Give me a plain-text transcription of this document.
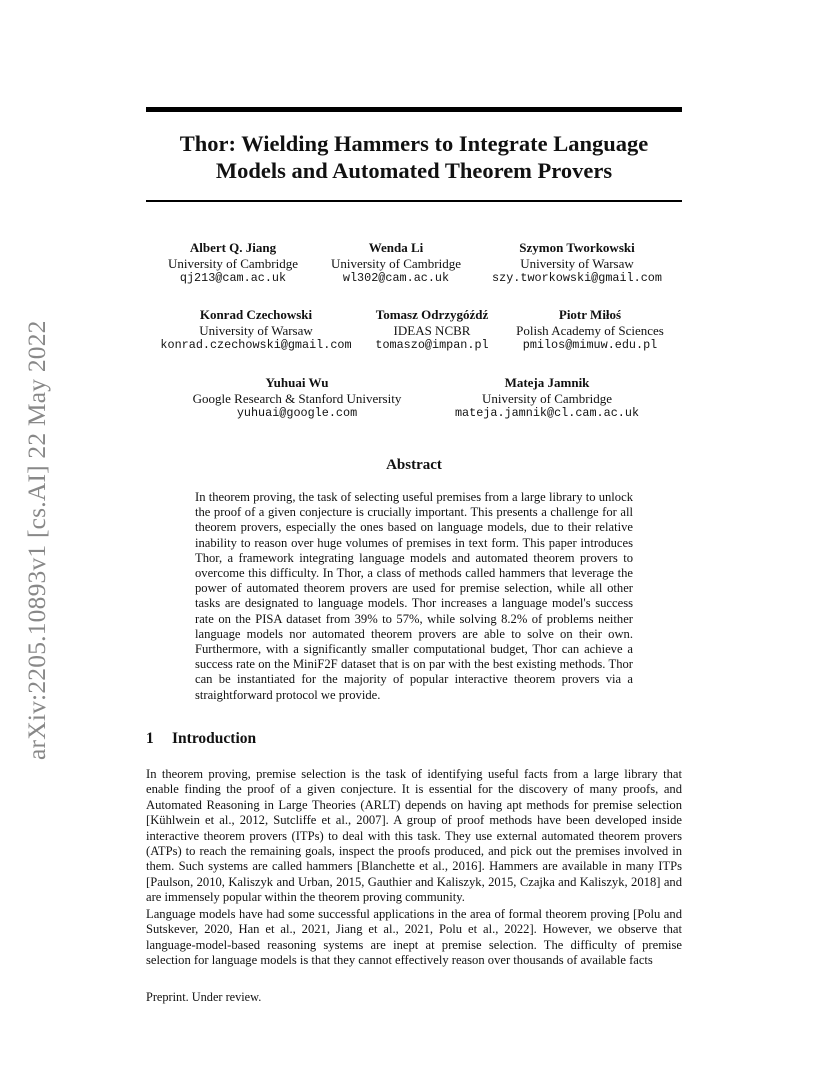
arXiv:2205.10893v1 [cs.AI] 22 May 2022
Thor: Wielding Hammers to Integrate Language Models and Automated Theorem Provers
Albert Q. Jiang
University of Cambridge
qj213@cam.ac.uk
Wenda Li
University of Cambridge
wl302@cam.ac.uk
Szymon Tworkowski
University of Warsaw
szy.tworkowski@gmail.com
Konrad Czechowski
University of Warsaw
konrad.czechowski@gmail.com
Tomasz Odrzygóźdź
IDEAS NCBR
tomaszo@impan.pl
Piotr Miłoś
Polish Academy of Sciences
pmilos@mimuw.edu.pl
Yuhuai Wu
Google Research & Stanford University
yuhuai@google.com
Mateja Jamnik
University of Cambridge
mateja.jamnik@cl.cam.ac.uk
Abstract
In theorem proving, the task of selecting useful premises from a large library to unlock the proof of a given conjecture is crucially important. This presents a challenge for all theorem provers, especially the ones based on language models, due to their relative inability to reason over huge volumes of premises in text form. This paper introduces Thor, a framework integrating language models and automated theorem provers to overcome this difficulty. In Thor, a class of methods called hammers that leverage the power of automated theorem provers are used for premise selection, while all other tasks are designated to language models. Thor increases a language model's success rate on the PISA dataset from 39% to 57%, while solving 8.2% of problems neither language models nor automated theorem provers are able to solve on their own. Furthermore, with a significantly smaller computational budget, Thor can achieve a success rate on the MiniF2F dataset that is on par with the best existing methods. Thor can be instantiated for the majority of popular interactive theorem provers via a straightforward protocol we provide.
1 Introduction

In theorem proving, premise selection is the task of identifying useful facts from a large library that enable finding the proof of a given conjecture. It is essential for the discovery of many proofs, and Automated Reasoning in Large Theories (ARLT) depends on having apt methods for premise selection [Kühlwein et al., 2012, Sutcliffe et al., 2007]. A group of proof methods have been developed inside interactive theorem provers (ITPs) to deal with this task. They use external automated theorem provers (ATPs) to reach the remaining goals, inspect the proofs produced, and pick out the premises involved in them. Such systems are called hammers [Blanchette et al., 2016]. Hammers are available in many ITPs [Paulson, 2010, Kaliszyk and Urban, 2015, Gauthier and Kaliszyk, 2015, Czajka and Kaliszyk, 2018] and are immensely popular within the theorem proving community.

Language models have had some successful applications in the area of formal theorem proving [Polu and Sutskever, 2020, Han et al., 2021, Jiang et al., 2021, Polu et al., 2022]. However, we observe that language-model-based reasoning systems are inept at premise selection. The difficulty of premise selection for language models is that they cannot effectively reason over thousands of available facts

Preprint. Under review.
